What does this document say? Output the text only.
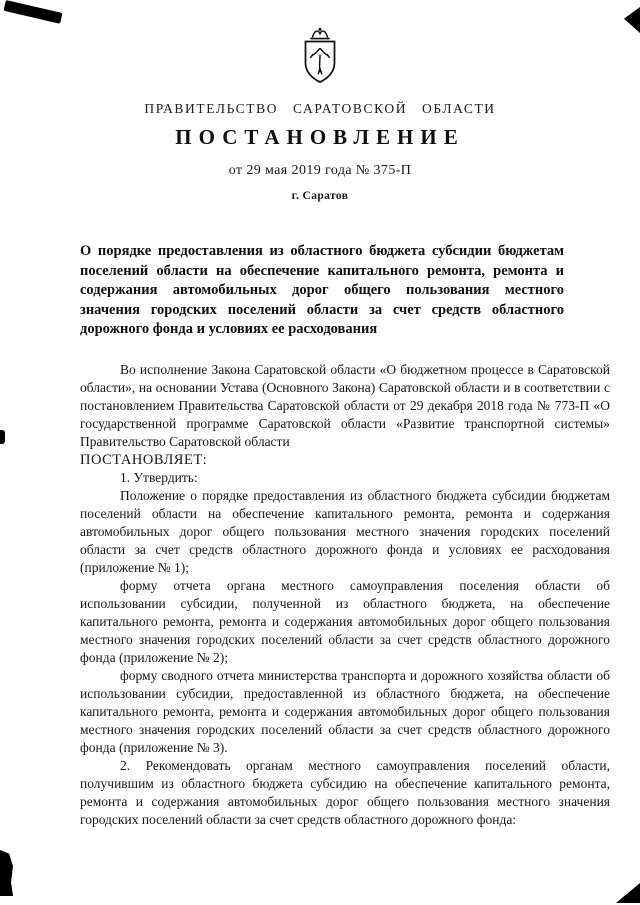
ПРАВИТЕЛЬСТВО САРАТОВСКОЙ ОБЛАСТИ
ПОСТАНОВЛЕНИЕ
от 29 мая 2019 года № 375-П
г. Саратов
О порядке предоставления из областного бюджета субсидии бюджетам поселений области на обеспечение капитального ремонта, ремонта и содержания автомобильных дорог общего пользования местного значения городских поселений области за счет средств областного дорожного фонда и условиях ее расходования

Во исполнение Закона Саратовской области «О бюджетном процессе в Саратовской области», на основании Устава (Основного Закона) Саратовской области и в соответствии с постановлением Правительства Саратовской области от 29 декабря 2018 года № 773-П «О государственной программе Саратовской области «Развитие транспортной системы» Правительство Саратовской области

ПОСТАНОВЛЯЕТ:

1. Утвердить:

Положение о порядке предоставления из областного бюджета субсидии бюджетам поселений области на обеспечение капитального ремонта, ремонта и содержания автомобильных дорог общего пользования местного значения городских поселений области за счет средств областного дорожного фонда и условиях ее расходования (приложение № 1);

форму отчета органа местного самоуправления поселения области об использовании субсидии, полученной из областного бюджета, на обеспечение капитального ремонта, ремонта и содержания автомобильных дорог общего пользования местного значения городских поселений области за счет средств областного дорожного фонда (приложение № 2);

форму сводного отчета министерства транспорта и дорожного хозяйства области об использовании субсидии, предоставленной из областного бюджета, на обеспечение капитального ремонта, ремонта и содержания автомобильных дорог общего пользования местного значения городских поселений области за счет средств областного дорожного фонда (приложение № 3).

2. Рекомендовать органам местного самоуправления поселений области, получившим из областного бюджета субсидию на обеспечение капитального ремонта, ремонта и содержания автомобильных дорог общего пользования местного значения городских поселений области за счет средств областного дорожного фонда:
